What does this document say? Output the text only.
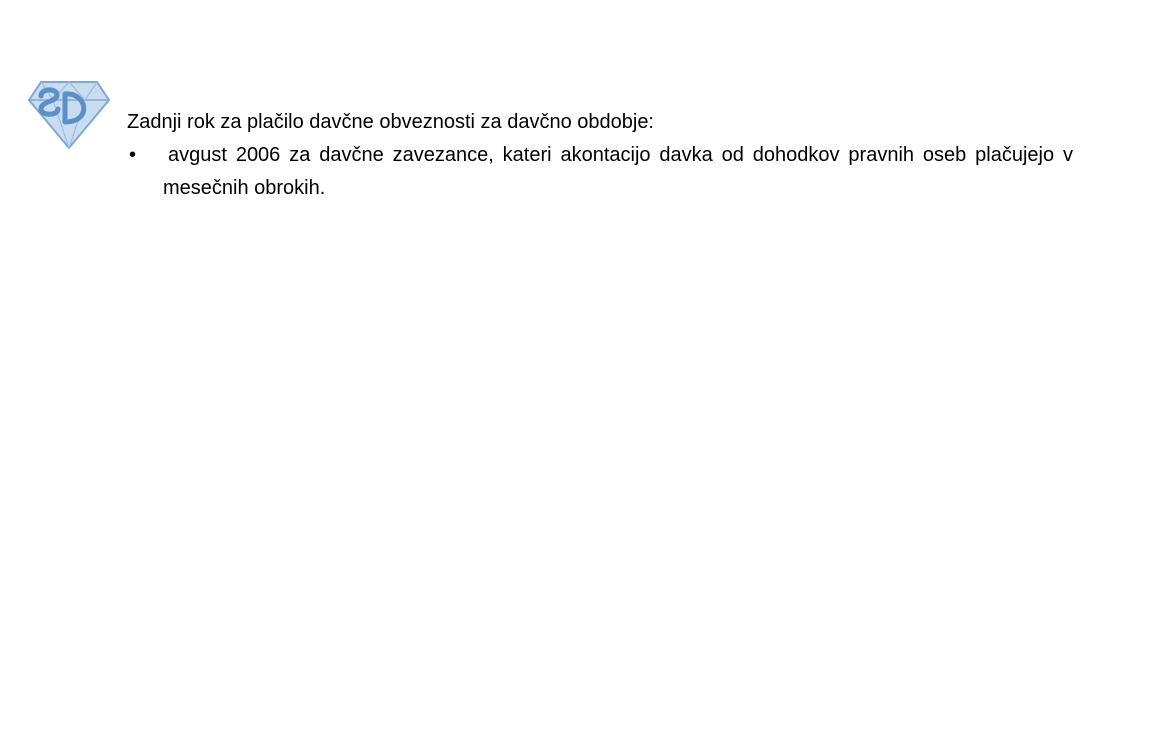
Zadnji rok za plačilo davčne obveznosti za davčno obdobje:

• avgust 2006 za davčne zavezance, kateri akontacijo davka od dohodkov pravnih oseb plačujejo v mesečnih obrokih.
